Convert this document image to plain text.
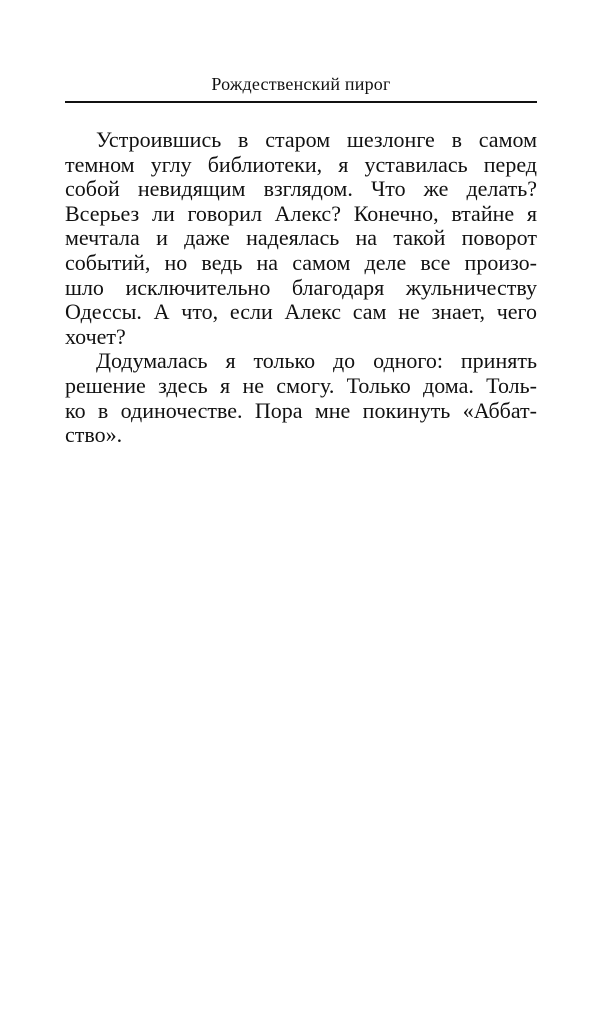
Рождественский пирог

Устроившись в старом шезлонге в самом
темном углу библиотеки, я уставилась перед
собой невидящим взглядом. Что же делать?
Всерьез ли говорил Алекс? Конечно, втайне я
мечтала и даже надеялась на такой поворот
событий, но ведь на самом деле все произо-
шло исключительно благодаря жульничеству
Одессы. А что, если Алекс сам не знает, чего
хочет?

Додумалась я только до одного: принять
решение здесь я не смогу. Только дома. Толь-
ко в одиночестве. Пора мне покинуть «Аббат-
ство».
